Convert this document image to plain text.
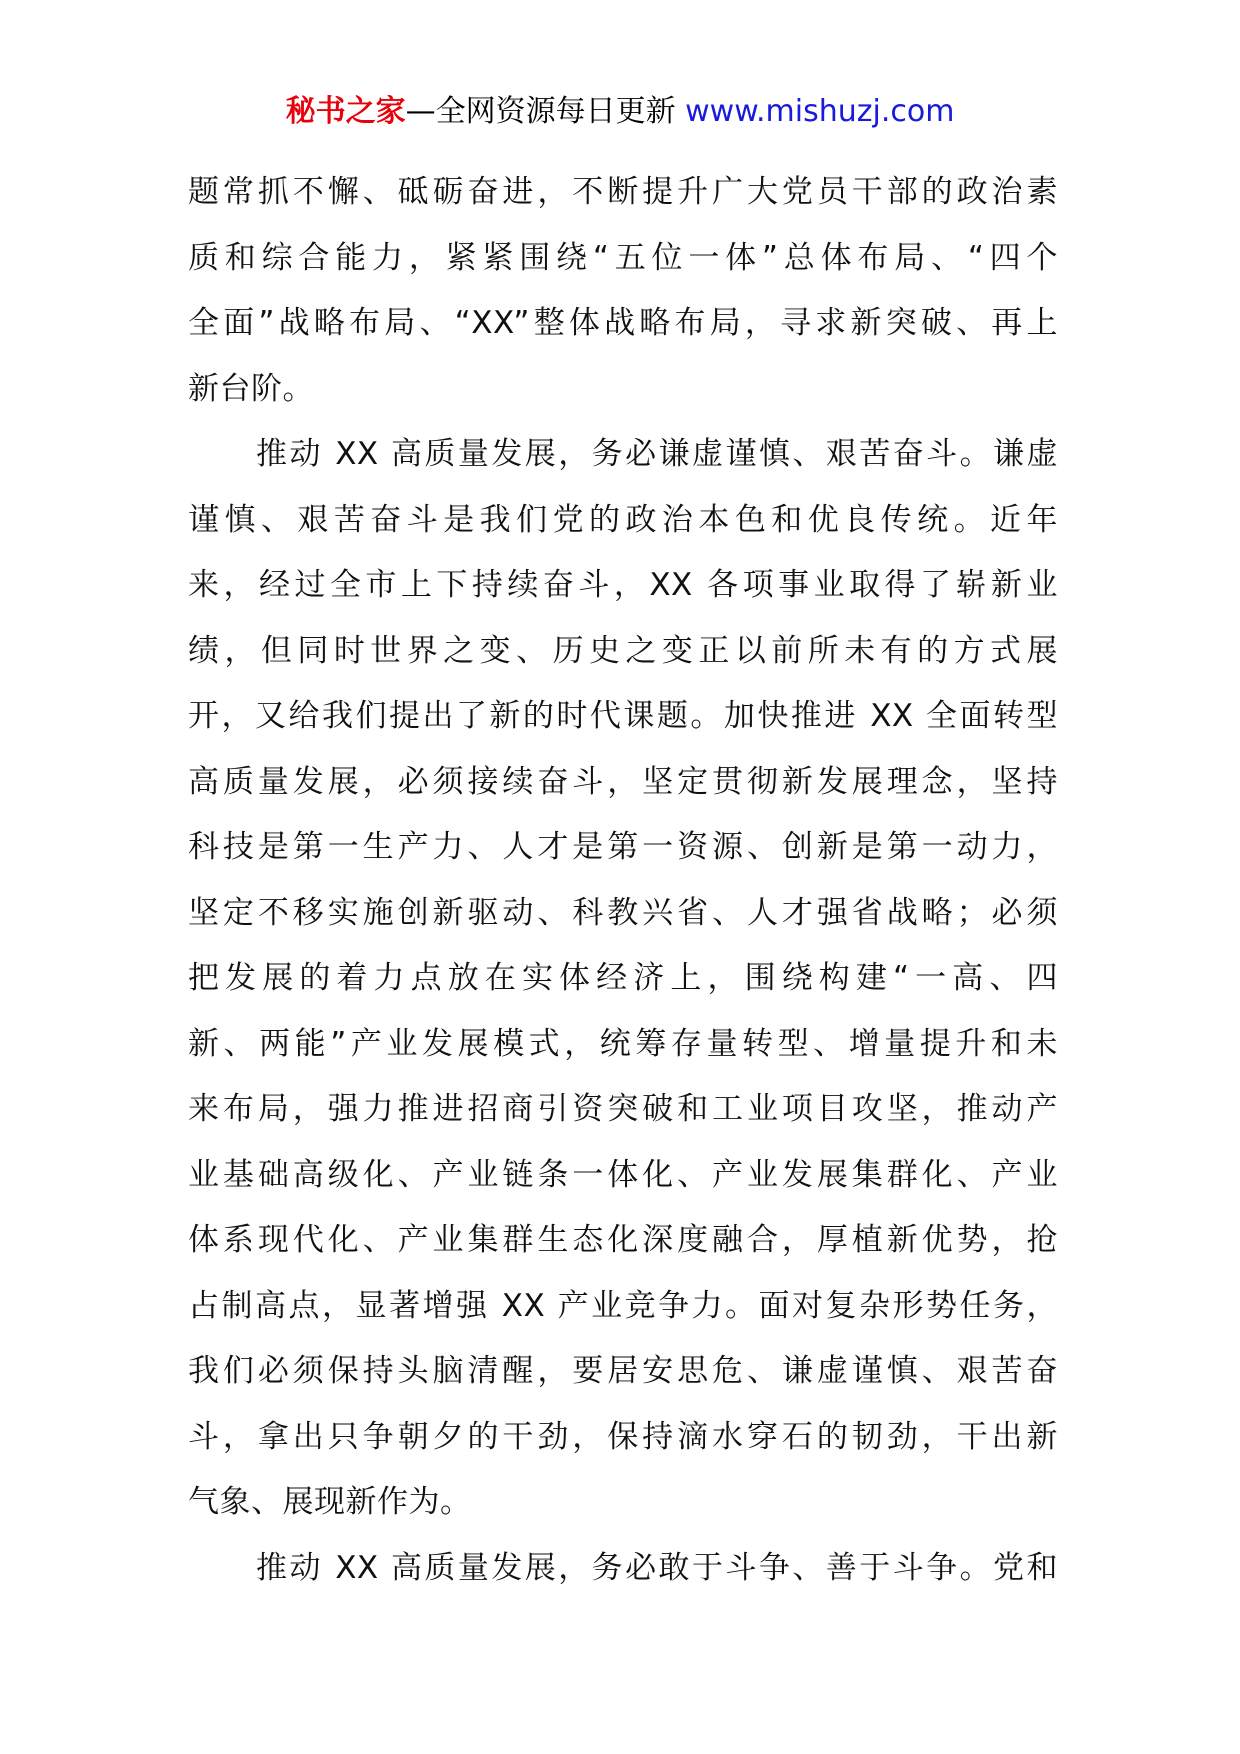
秘书之家—全网资源每日更新 www.mishuzj.com
题常抓不懈、砥砺奋进，不断提升广大党员干部的政治素
质和综合能力，紧紧围绕“五位一体”总体布局、“四个
全面”战略布局、“XX”整体战略布局，寻求新突破、再上
新台阶。
推动 XX 高质量发展，务必谦虚谨慎、艰苦奋斗。谦虚
谨慎、艰苦奋斗是我们党的政治本色和优良传统。近年
来，经过全市上下持续奋斗，XX 各项事业取得了崭新业
绩，但同时世界之变、历史之变正以前所未有的方式展
开，又给我们提出了新的时代课题。加快推进 XX 全面转型
高质量发展，必须接续奋斗，坚定贯彻新发展理念，坚持
科技是第一生产力、人才是第一资源、创新是第一动力，
坚定不移实施创新驱动、科教兴省、人才强省战略；必须
把发展的着力点放在实体经济上，围绕构建“一高、四
新、两能”产业发展模式，统筹存量转型、增量提升和未
来布局，强力推进招商引资突破和工业项目攻坚，推动产
业基础高级化、产业链条一体化、产业发展集群化、产业
体系现代化、产业集群生态化深度融合，厚植新优势，抢
占制高点，显著增强 XX 产业竞争力。面对复杂形势任务，
我们必须保持头脑清醒，要居安思危、谦虚谨慎、艰苦奋
斗，拿出只争朝夕的干劲，保持滴水穿石的韧劲，干出新
气象、展现新作为。
推动 XX 高质量发展，务必敢于斗争、善于斗争。党和
